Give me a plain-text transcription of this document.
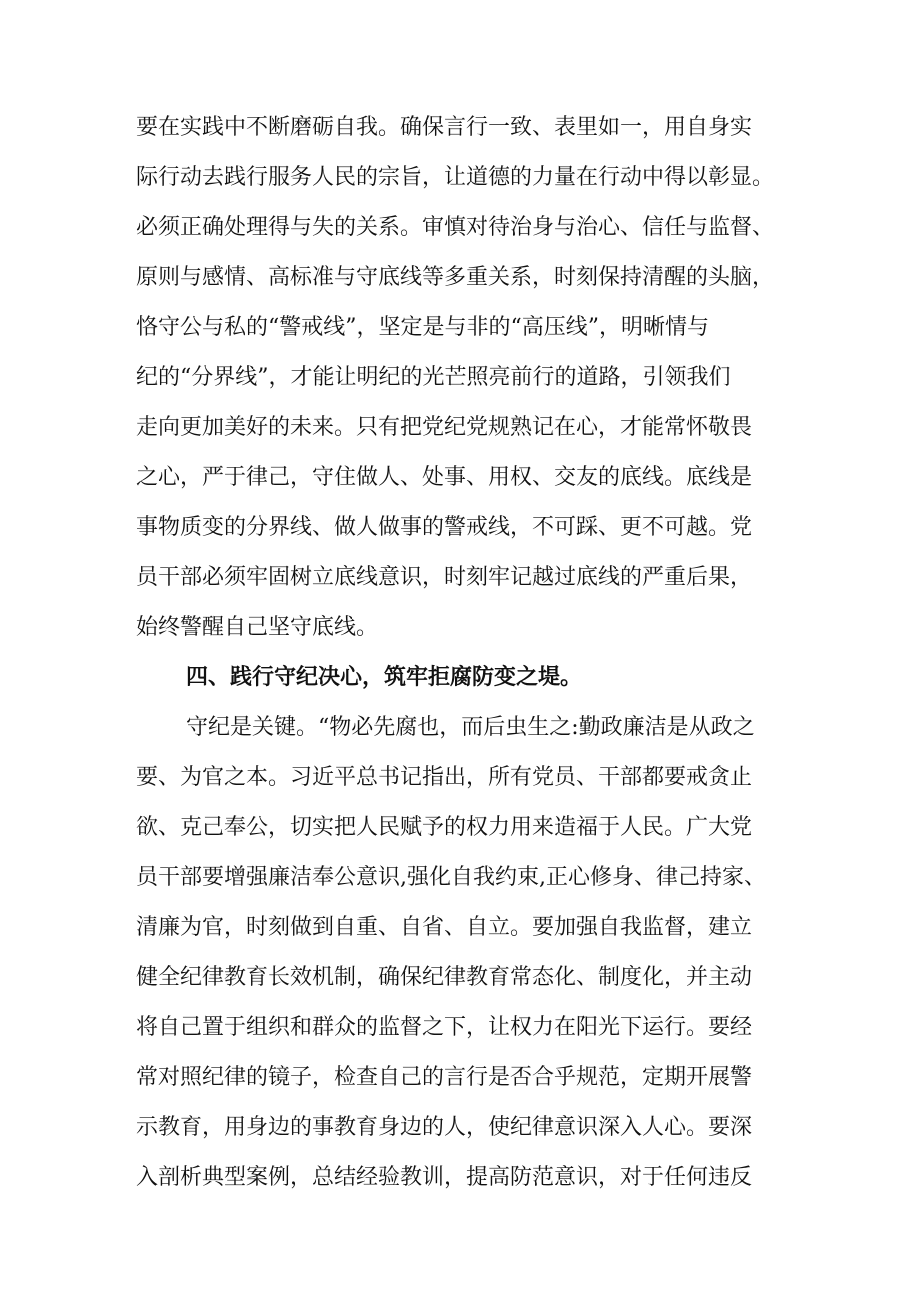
要在实践中不断磨砺自我。确保言行一致、表里如一，用自身实
际行动去践行服务人民的宗旨，让道德的力量在行动中得以彰显。
必须正确处理得与失的关系。审慎对待治身与治心、信任与监督、
原则与感情、高标准与守底线等多重关系，时刻保持清醒的头脑，
恪守公与私的“警戒线”，坚定是与非的“高压线”，明晰情与
纪的“分界线”，才能让明纪的光芒照亮前行的道路，引领我们
走向更加美好的未来。只有把党纪党规熟记在心，才能常怀敬畏
之心，严于律己，守住做人、处事、用权、交友的底线。底线是
事物质变的分界线、做人做事的警戒线，不可踩、更不可越。党
员干部必须牢固树立底线意识，时刻牢记越过底线的严重后果，
始终警醒自己坚守底线。
四、践行守纪决心，筑牢拒腐防变之堤。
守纪是关键。“物必先腐也，而后虫生之:勤政廉洁是从政之
要、为官之本。习近平总书记指出，所有党员、干部都要戒贪止
欲、克己奉公，切实把人民赋予的权力用来造福于人民。广大党
员干部要增强廉洁奉公意识,强化自我约束,正心修身、律己持家、
清廉为官，时刻做到自重、自省、自立。要加强自我监督，建立
健全纪律教育长效机制，确保纪律教育常态化、制度化，并主动
将自己置于组织和群众的监督之下，让权力在阳光下运行。要经
常对照纪律的镜子，检查自己的言行是否合乎规范，定期开展警
示教育，用身边的事教育身边的人，使纪律意识深入人心。要深
入剖析典型案例，总结经验教训，提高防范意识，对于任何违反
